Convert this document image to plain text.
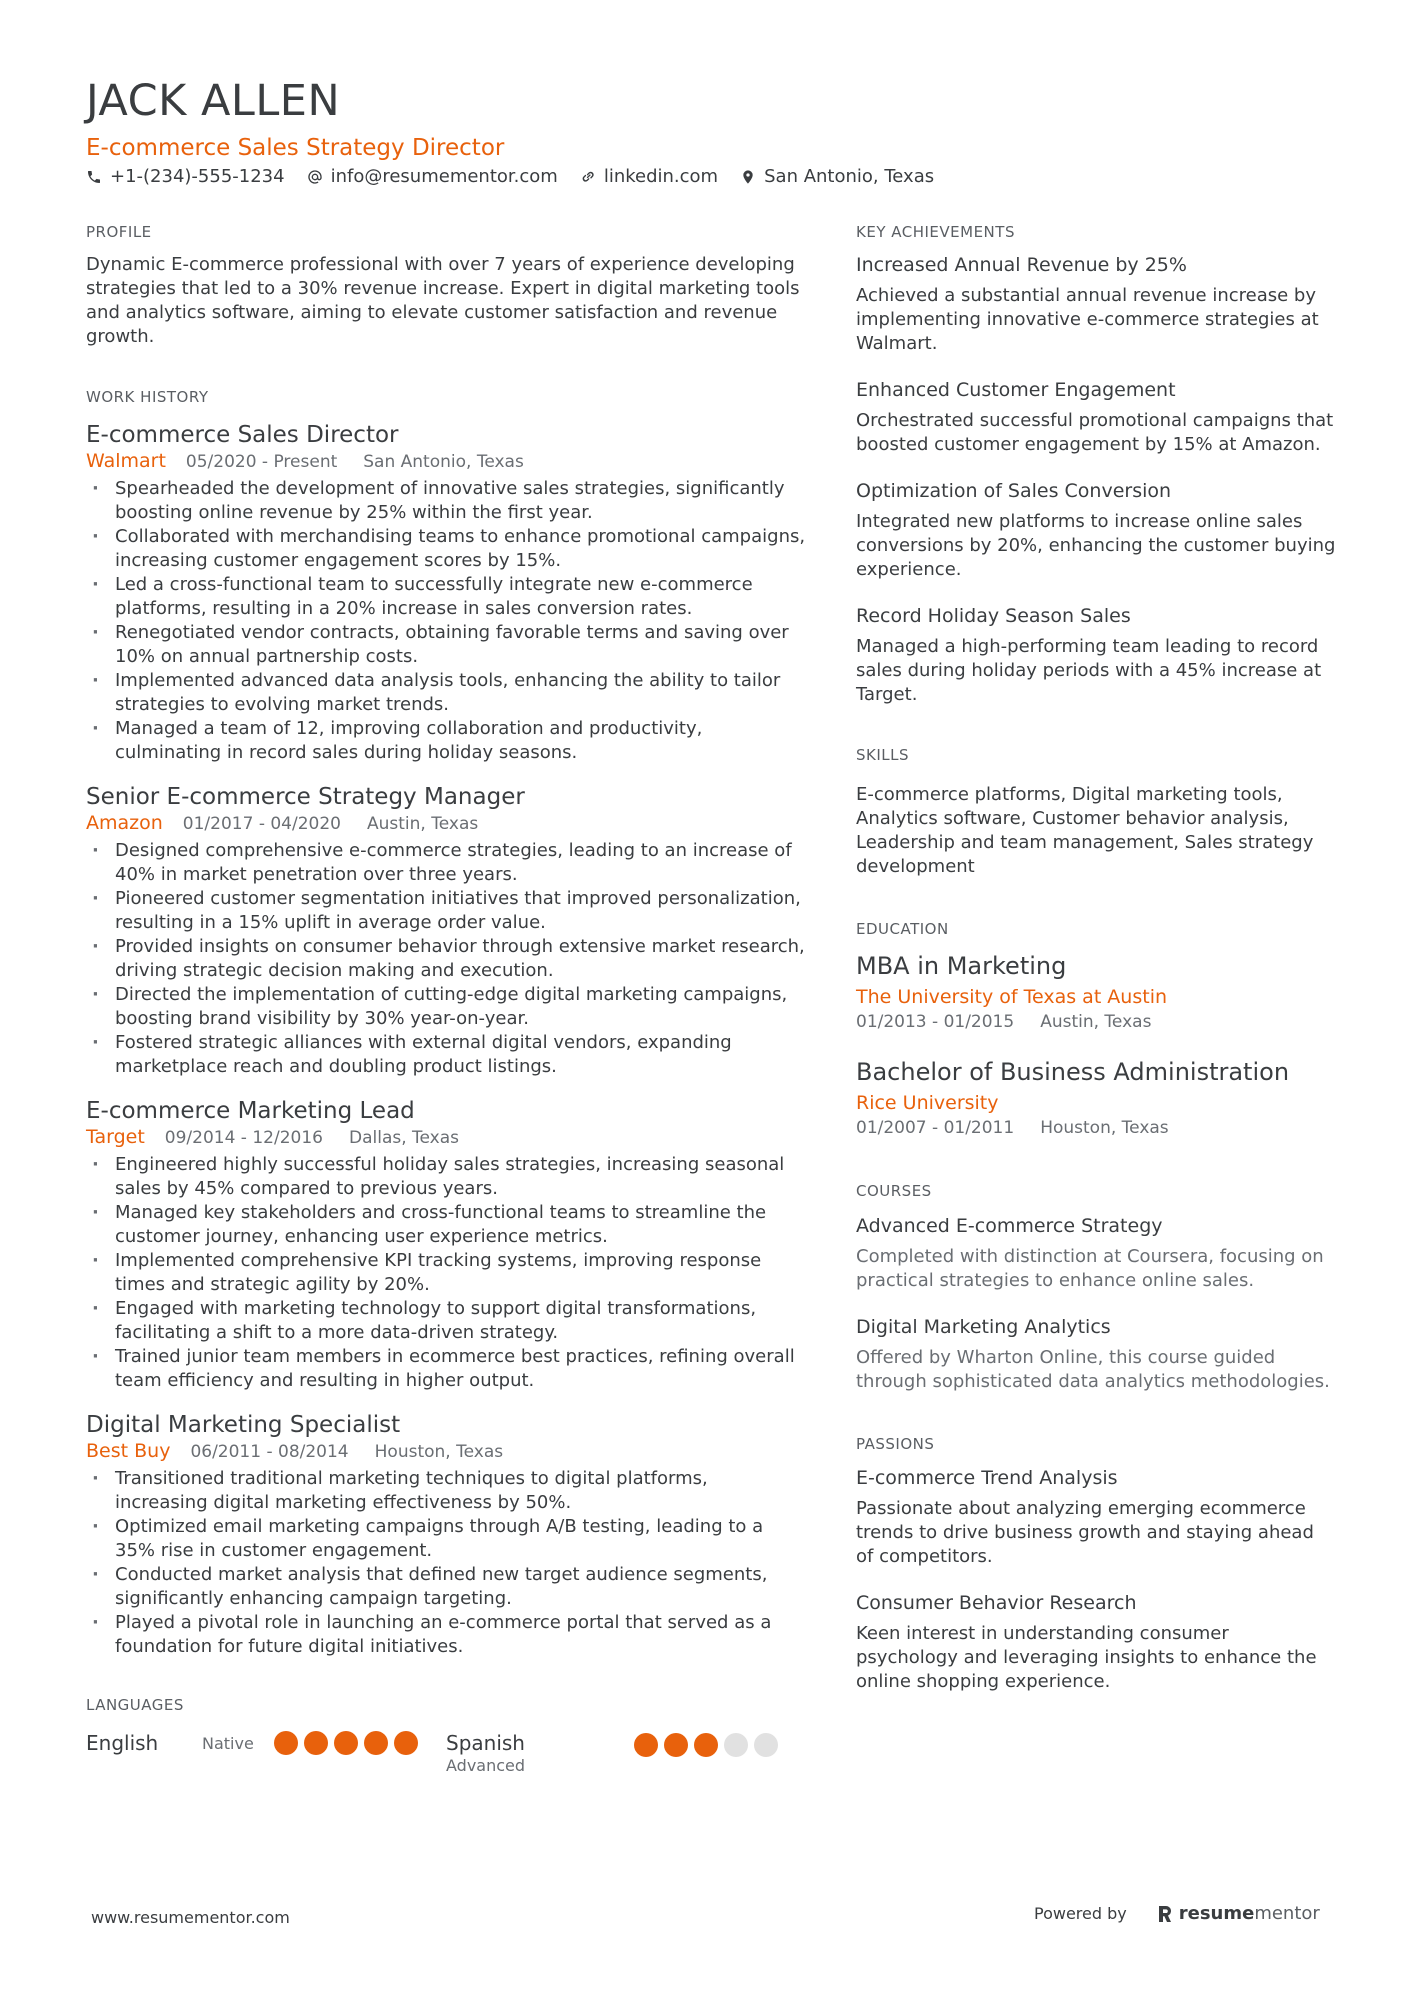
JACK ALLEN
E-commerce Sales Strategy Director
+1-(234)-555-1234	info@resumementor.com	linkedin.com	San Antonio, Texas
PROFILE
Dynamic E-commerce professional with over 7 years of experience developing strategies that led to a 30% revenue increase. Expert in digital marketing tools and analytics software, aiming to elevate customer satisfaction and revenue growth.
WORK HISTORY
E-commerce Sales Director
Walmart 05/2020 - Present San Antonio, Texas
· Spearheaded the development of innovative sales strategies, significantly boosting online revenue by 25% within the first year.
· Collaborated with merchandising teams to enhance promotional campaigns, increasing customer engagement scores by 15%.
· Led a cross-functional team to successfully integrate new e-commerce platforms, resulting in a 20% increase in sales conversion rates.
· Renegotiated vendor contracts, obtaining favorable terms and saving over 10% on annual partnership costs.
· Implemented advanced data analysis tools, enhancing the ability to tailor strategies to evolving market trends.
· Managed a team of 12, improving collaboration and productivity, culminating in record sales during holiday seasons.
Senior E-commerce Strategy Manager
Amazon 01/2017 - 04/2020 Austin, Texas
· Designed comprehensive e-commerce strategies, leading to an increase of 40% in market penetration over three years.
· Pioneered customer segmentation initiatives that improved personalization, resulting in a 15% uplift in average order value.
· Provided insights on consumer behavior through extensive market research, driving strategic decision making and execution.
· Directed the implementation of cutting-edge digital marketing campaigns, boosting brand visibility by 30% year-on-year.
· Fostered strategic alliances with external digital vendors, expanding marketplace reach and doubling product listings.
E-commerce Marketing Lead
Target 09/2014 - 12/2016 Dallas, Texas
· Engineered highly successful holiday sales strategies, increasing seasonal sales by 45% compared to previous years.
· Managed key stakeholders and cross-functional teams to streamline the customer journey, enhancing user experience metrics.
· Implemented comprehensive KPI tracking systems, improving response times and strategic agility by 20%.
· Engaged with marketing technology to support digital transformations, facilitating a shift to a more data-driven strategy.
· Trained junior team members in ecommerce best practices, refining overall team efficiency and resulting in higher output.
Digital Marketing Specialist
Best Buy 06/2011 - 08/2014 Houston, Texas
· Transitioned traditional marketing techniques to digital platforms, increasing digital marketing effectiveness by 50%.
· Optimized email marketing campaigns through A/B testing, leading to a 35% rise in customer engagement.
· Conducted market analysis that defined new target audience segments, significantly enhancing campaign targeting.
· Played a pivotal role in launching an e-commerce portal that served as a foundation for future digital initiatives.
LANGUAGES
English	Native	Spanish
Advanced
KEY ACHIEVEMENTS
Increased Annual Revenue by 25%
Achieved a substantial annual revenue increase by implementing innovative e-commerce strategies at Walmart.
Enhanced Customer Engagement
Orchestrated successful promotional campaigns that boosted customer engagement by 15% at Amazon.
Optimization of Sales Conversion
Integrated new platforms to increase online sales conversions by 20%, enhancing the customer buying experience.
Record Holiday Season Sales
Managed a high-performing team leading to record sales during holiday periods with a 45% increase at Target.
SKILLS
E-commerce platforms, Digital marketing tools, Analytics software, Customer behavior analysis, Leadership and team management, Sales strategy development
EDUCATION
MBA in Marketing
The University of Texas at Austin
01/2013 - 01/2015 Austin, Texas
Bachelor of Business Administration
Rice University
01/2007 - 01/2011 Houston, Texas
COURSES
Advanced E-commerce Strategy
Completed with distinction at Coursera, focusing on practical strategies to enhance online sales.
Digital Marketing Analytics
Offered by Wharton Online, this course guided through sophisticated data analytics methodologies.
PASSIONS
E-commerce Trend Analysis
Passionate about analyzing emerging ecommerce trends to drive business growth and staying ahead of competitors.
Consumer Behavior Research
Keen interest in understanding consumer psychology and leveraging insights to enhance the online shopping experience.
www.resumementor.com	Powered by	resume mentor
